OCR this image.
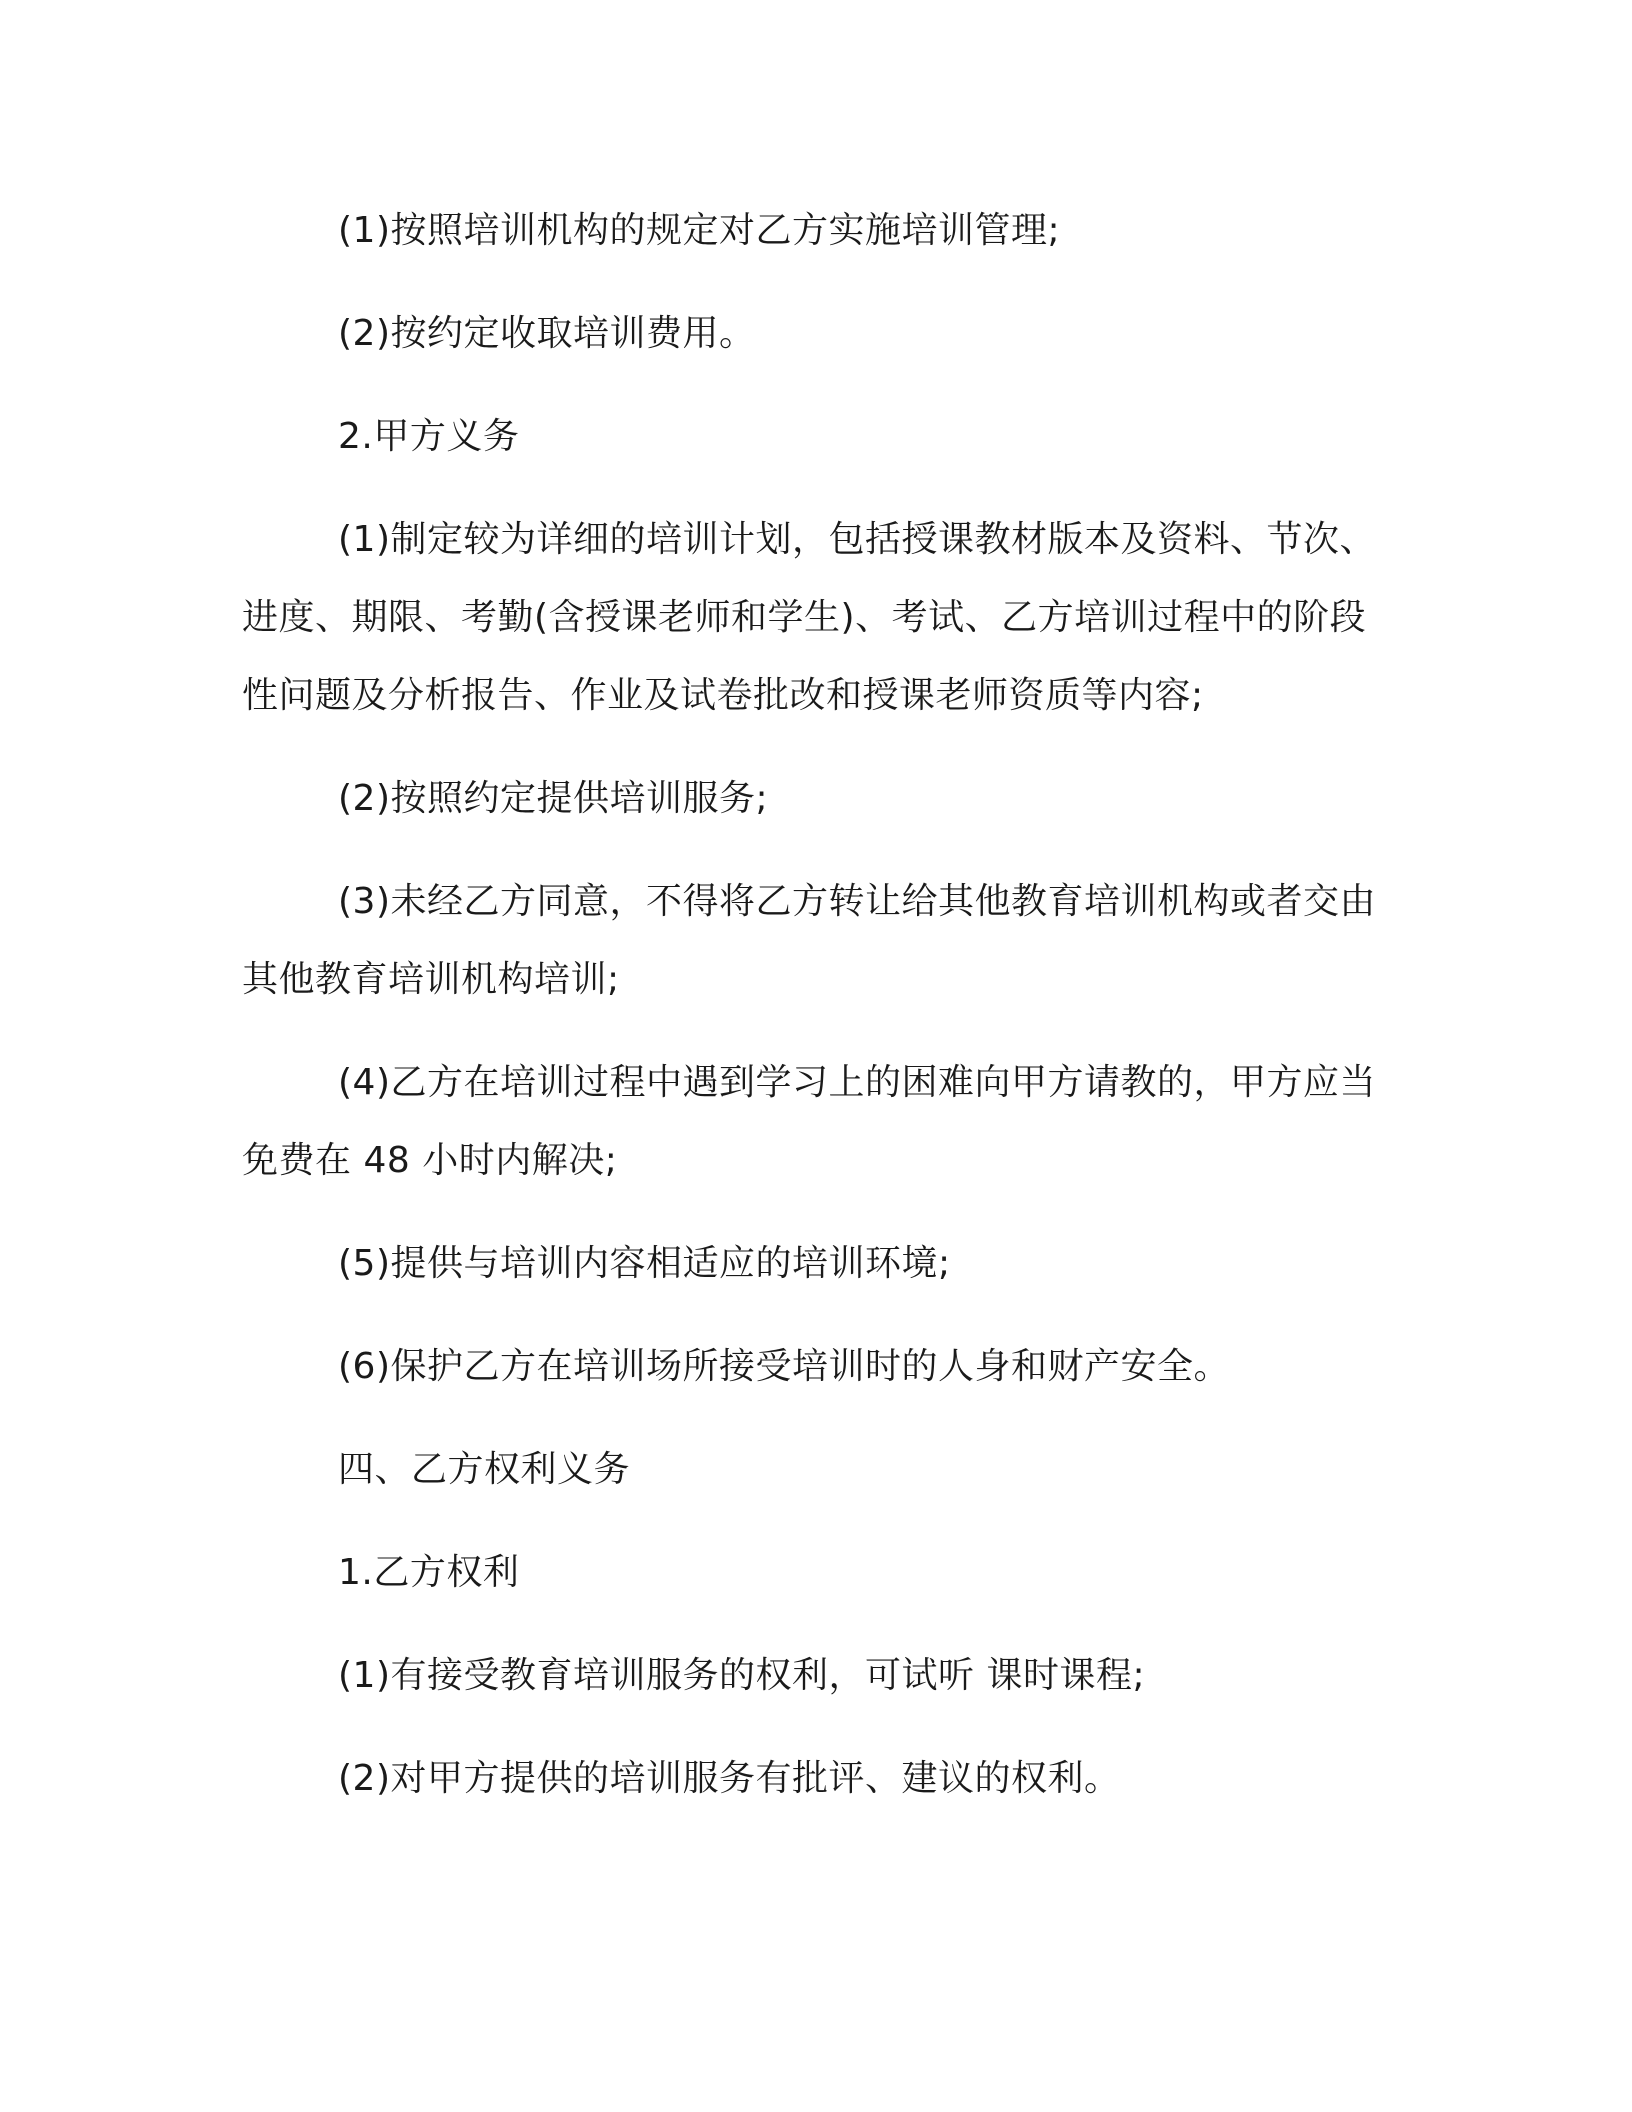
(1)按照培训机构的规定对乙方实施培训管理;

(2)按约定收取培训费用。

2.甲方义务

(1)制定较为详细的培训计划，包括授课教材版本及资料、节次、进度、期限、考勤(含授课老师和学生)、考试、乙方培训过程中的阶段性问题及分析报告、作业及试卷批改和授课老师资质等内容;

(2)按照约定提供培训服务;

(3)未经乙方同意，不得将乙方转让给其他教育培训机构或者交由其他教育培训机构培训;

(4)乙方在培训过程中遇到学习上的困难向甲方请教的，甲方应当免费在 48 小时内解决;

(5)提供与培训内容相适应的培训环境;

(6)保护乙方在培训场所接受培训时的人身和财产安全。

四、乙方权利义务

1.乙方权利

(1)有接受教育培训服务的权利，可试听 课时课程;

(2)对甲方提供的培训服务有批评、建议的权利。
